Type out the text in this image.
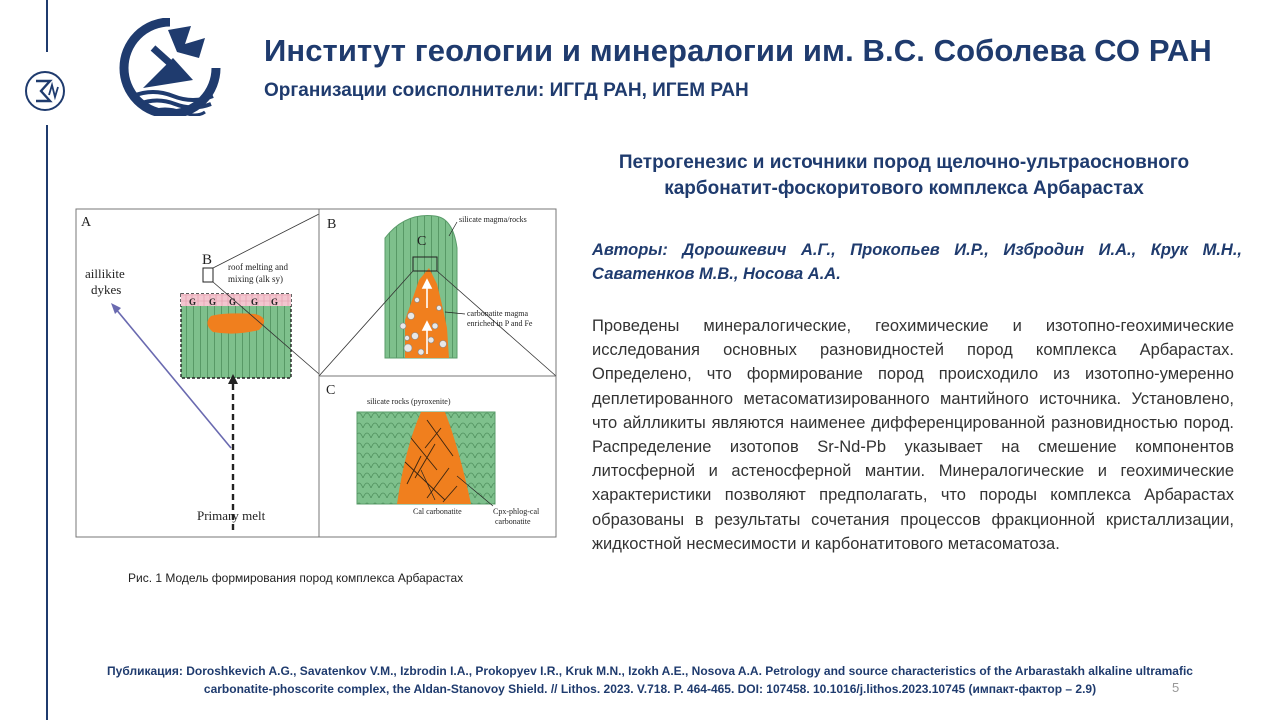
Институт геологии и минералогии им. В.С. Соболева СО РАН
Организации соисполнители: ИГГД РАН, ИГЕМ РАН
A
G G G G G
B
aillikite
dykes
roof melting and
mixing (alk sy)
Primary melt
B
C
silicate magma/rocks
carbonatite magma
enriched in P and Fe
C
silicate rocks (pyroxenite)
Cal carbonatite	Cpx-phlog-cal
carbonatite
Рис. 1 Модель формирования пород комплекса Арбарастах
Петрогенезис и источники пород щелочно-ультраосновного карбонатит-фоскоритового комплекса Арбарастах
Авторы: Дорошкевич А.Г., Прокопьев И.Р., Избродин И.А., Крук М.Н., Саватенков М.В., Носова А.А.
Проведены минералогические, геохимические и изотопно-геохимические исследования основных разновидностей пород комплекса Арбарастах. Определено, что формирование пород происходило из изотопно-умеренно деплетированного метасоматизированного мантийного источника. Установлено, что айлликиты являются наименее дифференцированной разновидностью пород. Распределение изотопов Sr-Nd-Pb указывает на смешение компонентов литосферной и астеносферной мантии. Минералогические и геохимические характеристики позволяют предполагать, что породы комплекса Арбарастах образованы в результаты сочетания процессов фракционной кристаллизации, жидкостной несмесимости и карбонатитового метасоматоза.
Публикация: Doroshkevich A.G., Savatenkov V.M., Izbrodin I.A., Prokopyev I.R., Kruk M.N., Izokh A.E., Nosova A.A. Petrology and source characteristics of the Arbarastakh alkaline ultramafic carbonatite-phoscorite complex, the Aldan-Stanovoy Shield. // Lithos. 2023. V.718. P. 464-465. DOI: 107458. 10.1016/j.lithos.2023.10745 (импакт-фактор – 2.9)	5
